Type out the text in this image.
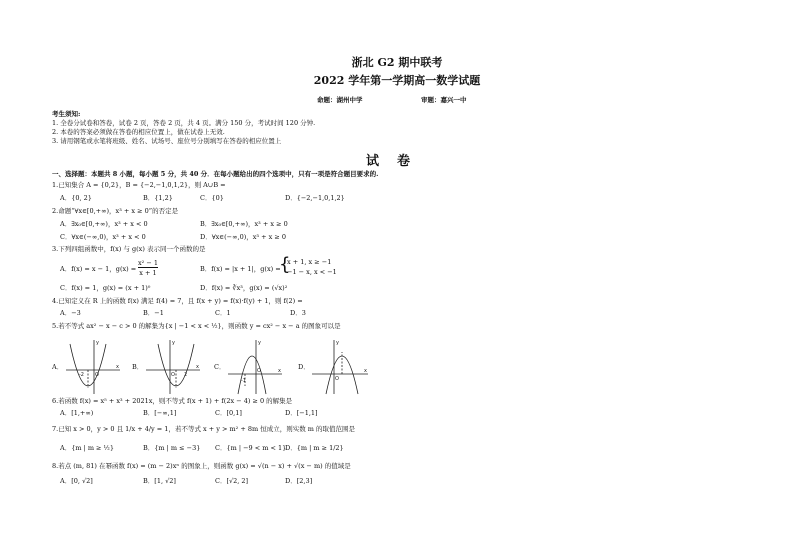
浙北 G2 期中联考
2022 学年第一学期高一数学试题
命题：湖州中学	审题：嘉兴一中
考生须知:
1. 全卷分试卷和答卷，试卷 2 页，答卷 2 页，共 4 页。满分 150 分，考试时间 120 分钟.
2. 本卷的答案必须做在答卷的相应位置上，做在试卷上无效.
3. 请用钢笔或水笔将班级、姓名、试场号、座位号分别填写在答卷的相应位置上
试卷
一、选择题：本题共 8 小题，每小题 5 分，共 40 分．在每小题给出的四个选项中，只有一项是符合题目要求的.
1.已知集合 A = {0,2}，B = {−2,−1,0,1,2}，则 A∪B =
A．{0, 2}	B．{1,2}	C．{0}	D．{−2,−1,0,1,2}
2.命题“∀x∈[0,+∞)，x³ + x ≥ 0”的否定是
A．∃x₀∈[0,+∞)，x³ + x < 0	B．∃x₀∈[0,+∞)，x³ + x ≥ 0
C．∀x∈(−∞,0)，x³ + x < 0	D．∀x∈(−∞,0)，x³ + x ≥ 0
3.下列四组函数中，f(x) 与 g(x) 表示同一个函数的是
A．f(x) = x − 1，g(x) =
x² − 1
x + 1	B．f(x) = |x + 1|，g(x) =
{
x + 1, x ≥ −1
−1 − x, x < −1
C．f(x) = 1，g(x) = (x + 1)⁰	D．f(x) = ∛x³，g(x) = (√x)²
4.已知定义在 R 上的函数 f(x) 满足 f(4) = 7，且 f(x + y) = f(x)·f(y) + 1，则 f(2) =
A．−3	B．−1	C．1	D．3
5.若不等式 ax² − x − c > 0 的解集为{x | −1 < x < ½}，则函数 y = cx² − x − a 的图象可以是
A．	x
y
O
-2
B．	x
y
O 2
C．	x
y
O
-1
D．	x
y
O
6.若函数 f(x) = x⁵ + x³ + 2021x，则不等式 f(x + 1) + f(2x − 4) ≥ 0 的解集是
A．[1,+∞)	B．[−∞,1]	C．[0,1]	D．[−1,1]
7.已知 x > 0，y > 0 且 1/x + 4/y = 1，若不等式 x + y > m² + 8m 恒成立，则实数 m 的取值范围是
A．{m | m ≥ ½}	B．{m | m ≤ −3} C．{m | −9 < m < 1}
D．{m | m ≥ 1/2}
8.若点 (m, 81) 在幂函数 f(x) = (m − 2)xⁿ 的图象上，则函数 g(x) = √(n − x) + √(x − m) 的值域是
A．[0, √2]	B．[1, √2]	C．[√2, 2]	D．[2,3]
